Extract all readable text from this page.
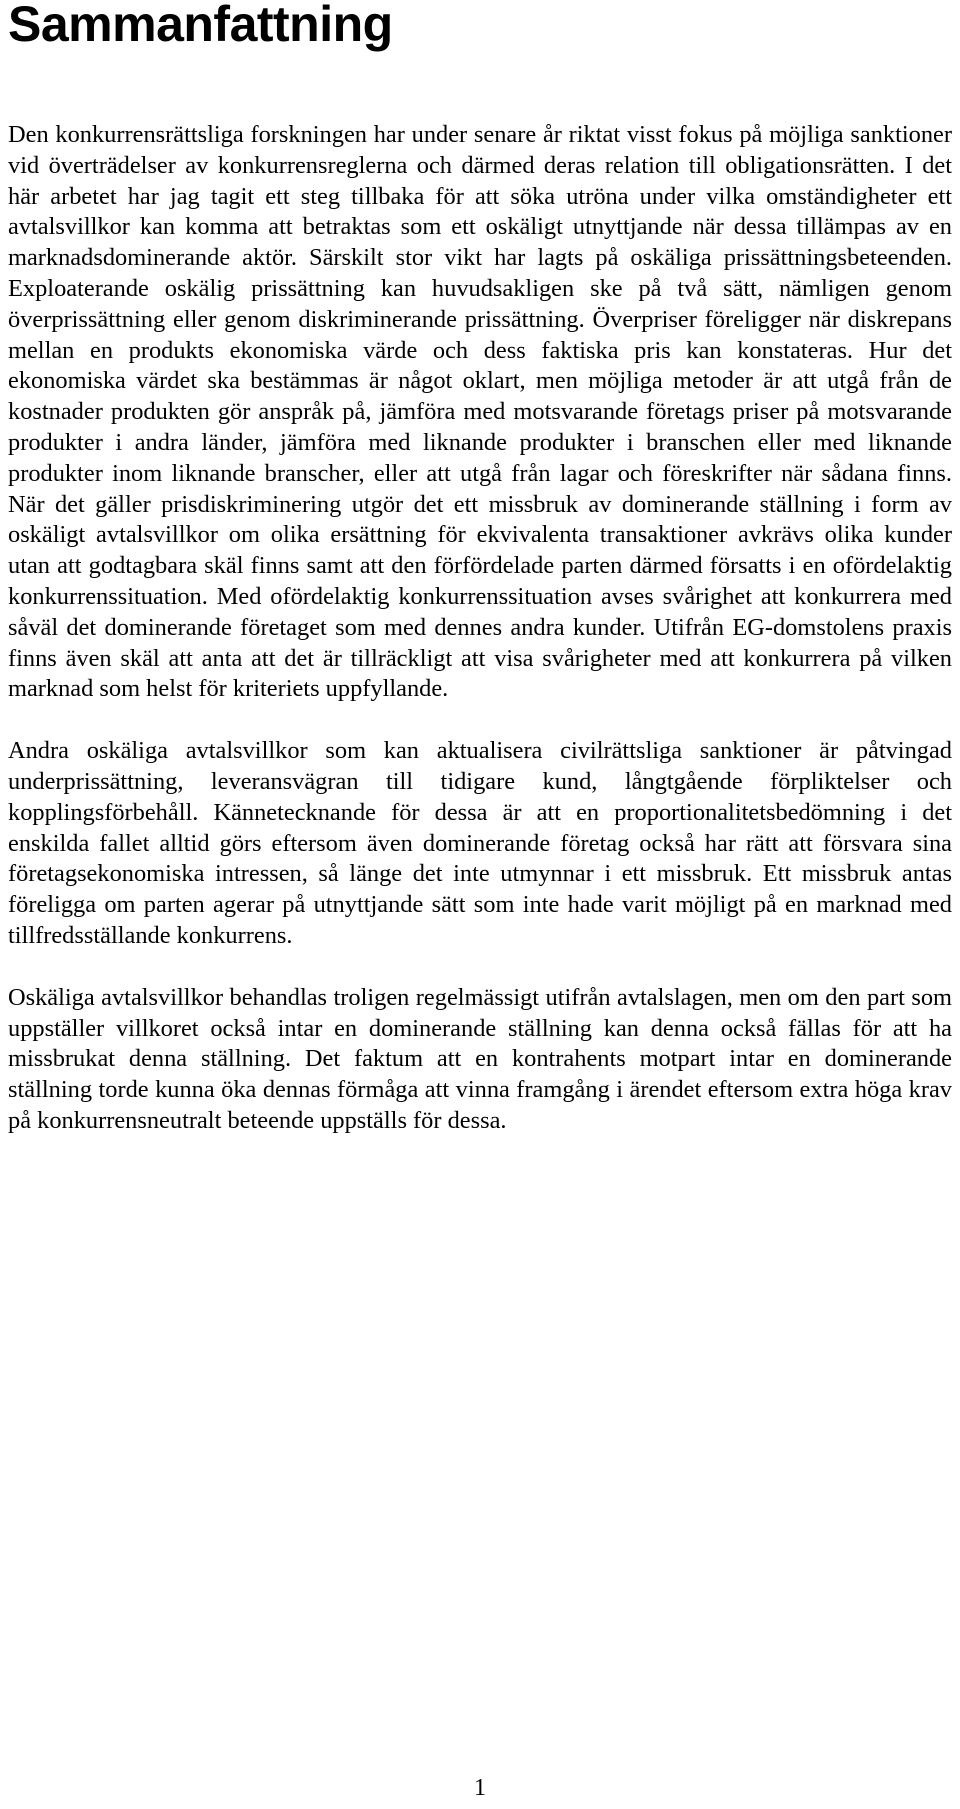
Sammanfattning

Den konkurrensrättsliga forskningen har under senare år riktat visst fokus på möjliga sanktioner vid överträdelser av konkurrensreglerna och därmed deras relation till obligationsrätten. I det här arbetet har jag tagit ett steg tillbaka för att söka utröna under vilka omständigheter ett avtalsvillkor kan komma att betraktas som ett oskäligt utnyttjande när dessa tillämpas av en marknadsdominerande aktör. Särskilt stor vikt har lagts på oskäliga prissättningsbeteenden. Exploaterande oskälig prissättning kan huvudsakligen ske på två sätt, nämligen genom överprissättning eller genom diskriminerande prissättning. Överpriser föreligger när diskrepans mellan en produkts ekonomiska värde och dess faktiska pris kan konstateras. Hur det ekonomiska värdet ska bestämmas är något oklart, men möjliga metoder är att utgå från de kostnader produkten gör anspråk på, jämföra med motsvarande företags priser på motsvarande produkter i andra länder, jämföra med liknande produkter i branschen eller med liknande produkter inom liknande branscher, eller att utgå från lagar och föreskrifter när sådana finns. När det gäller prisdiskriminering utgör det ett missbruk av dominerande ställning i form av oskäligt avtalsvillkor om olika ersättning för ekvivalenta transaktioner avkrävs olika kunder utan att godtagbara skäl finns samt att den förfördelade parten därmed försatts i en ofördelaktig konkurrenssituation. Med ofördelaktig konkurrenssituation avses svårighet att konkurrera med såväl det dominerande företaget som med dennes andra kunder. Utifrån EG-domstolens praxis finns även skäl att anta att det är tillräckligt att visa svårigheter med att konkurrera på vilken marknad som helst för kriteriets uppfyllande.

Andra oskäliga avtalsvillkor som kan aktualisera civilrättsliga sanktioner är påtvingad underprissättning, leveransvägran till tidigare kund, långtgående förpliktelser och kopplingsförbehåll. Kännetecknande för dessa är att en proportionalitetsbedömning i det enskilda fallet alltid görs eftersom även dominerande företag också har rätt att försvara sina företagsekonomiska intressen, så länge det inte utmynnar i ett missbruk. Ett missbruk antas föreligga om parten agerar på utnyttjande sätt som inte hade varit möjligt på en marknad med tillfredsställande konkurrens.

Oskäliga avtalsvillkor behandlas troligen regelmässigt utifrån avtalslagen, men om den part som uppställer villkoret också intar en dominerande ställning kan denna också fällas för att ha missbrukat denna ställning. Det faktum att en kontrahents motpart intar en dominerande ställning torde kunna öka dennas förmåga att vinna framgång i ärendet eftersom extra höga krav på konkurrensneutralt beteende uppställs för dessa.

1
